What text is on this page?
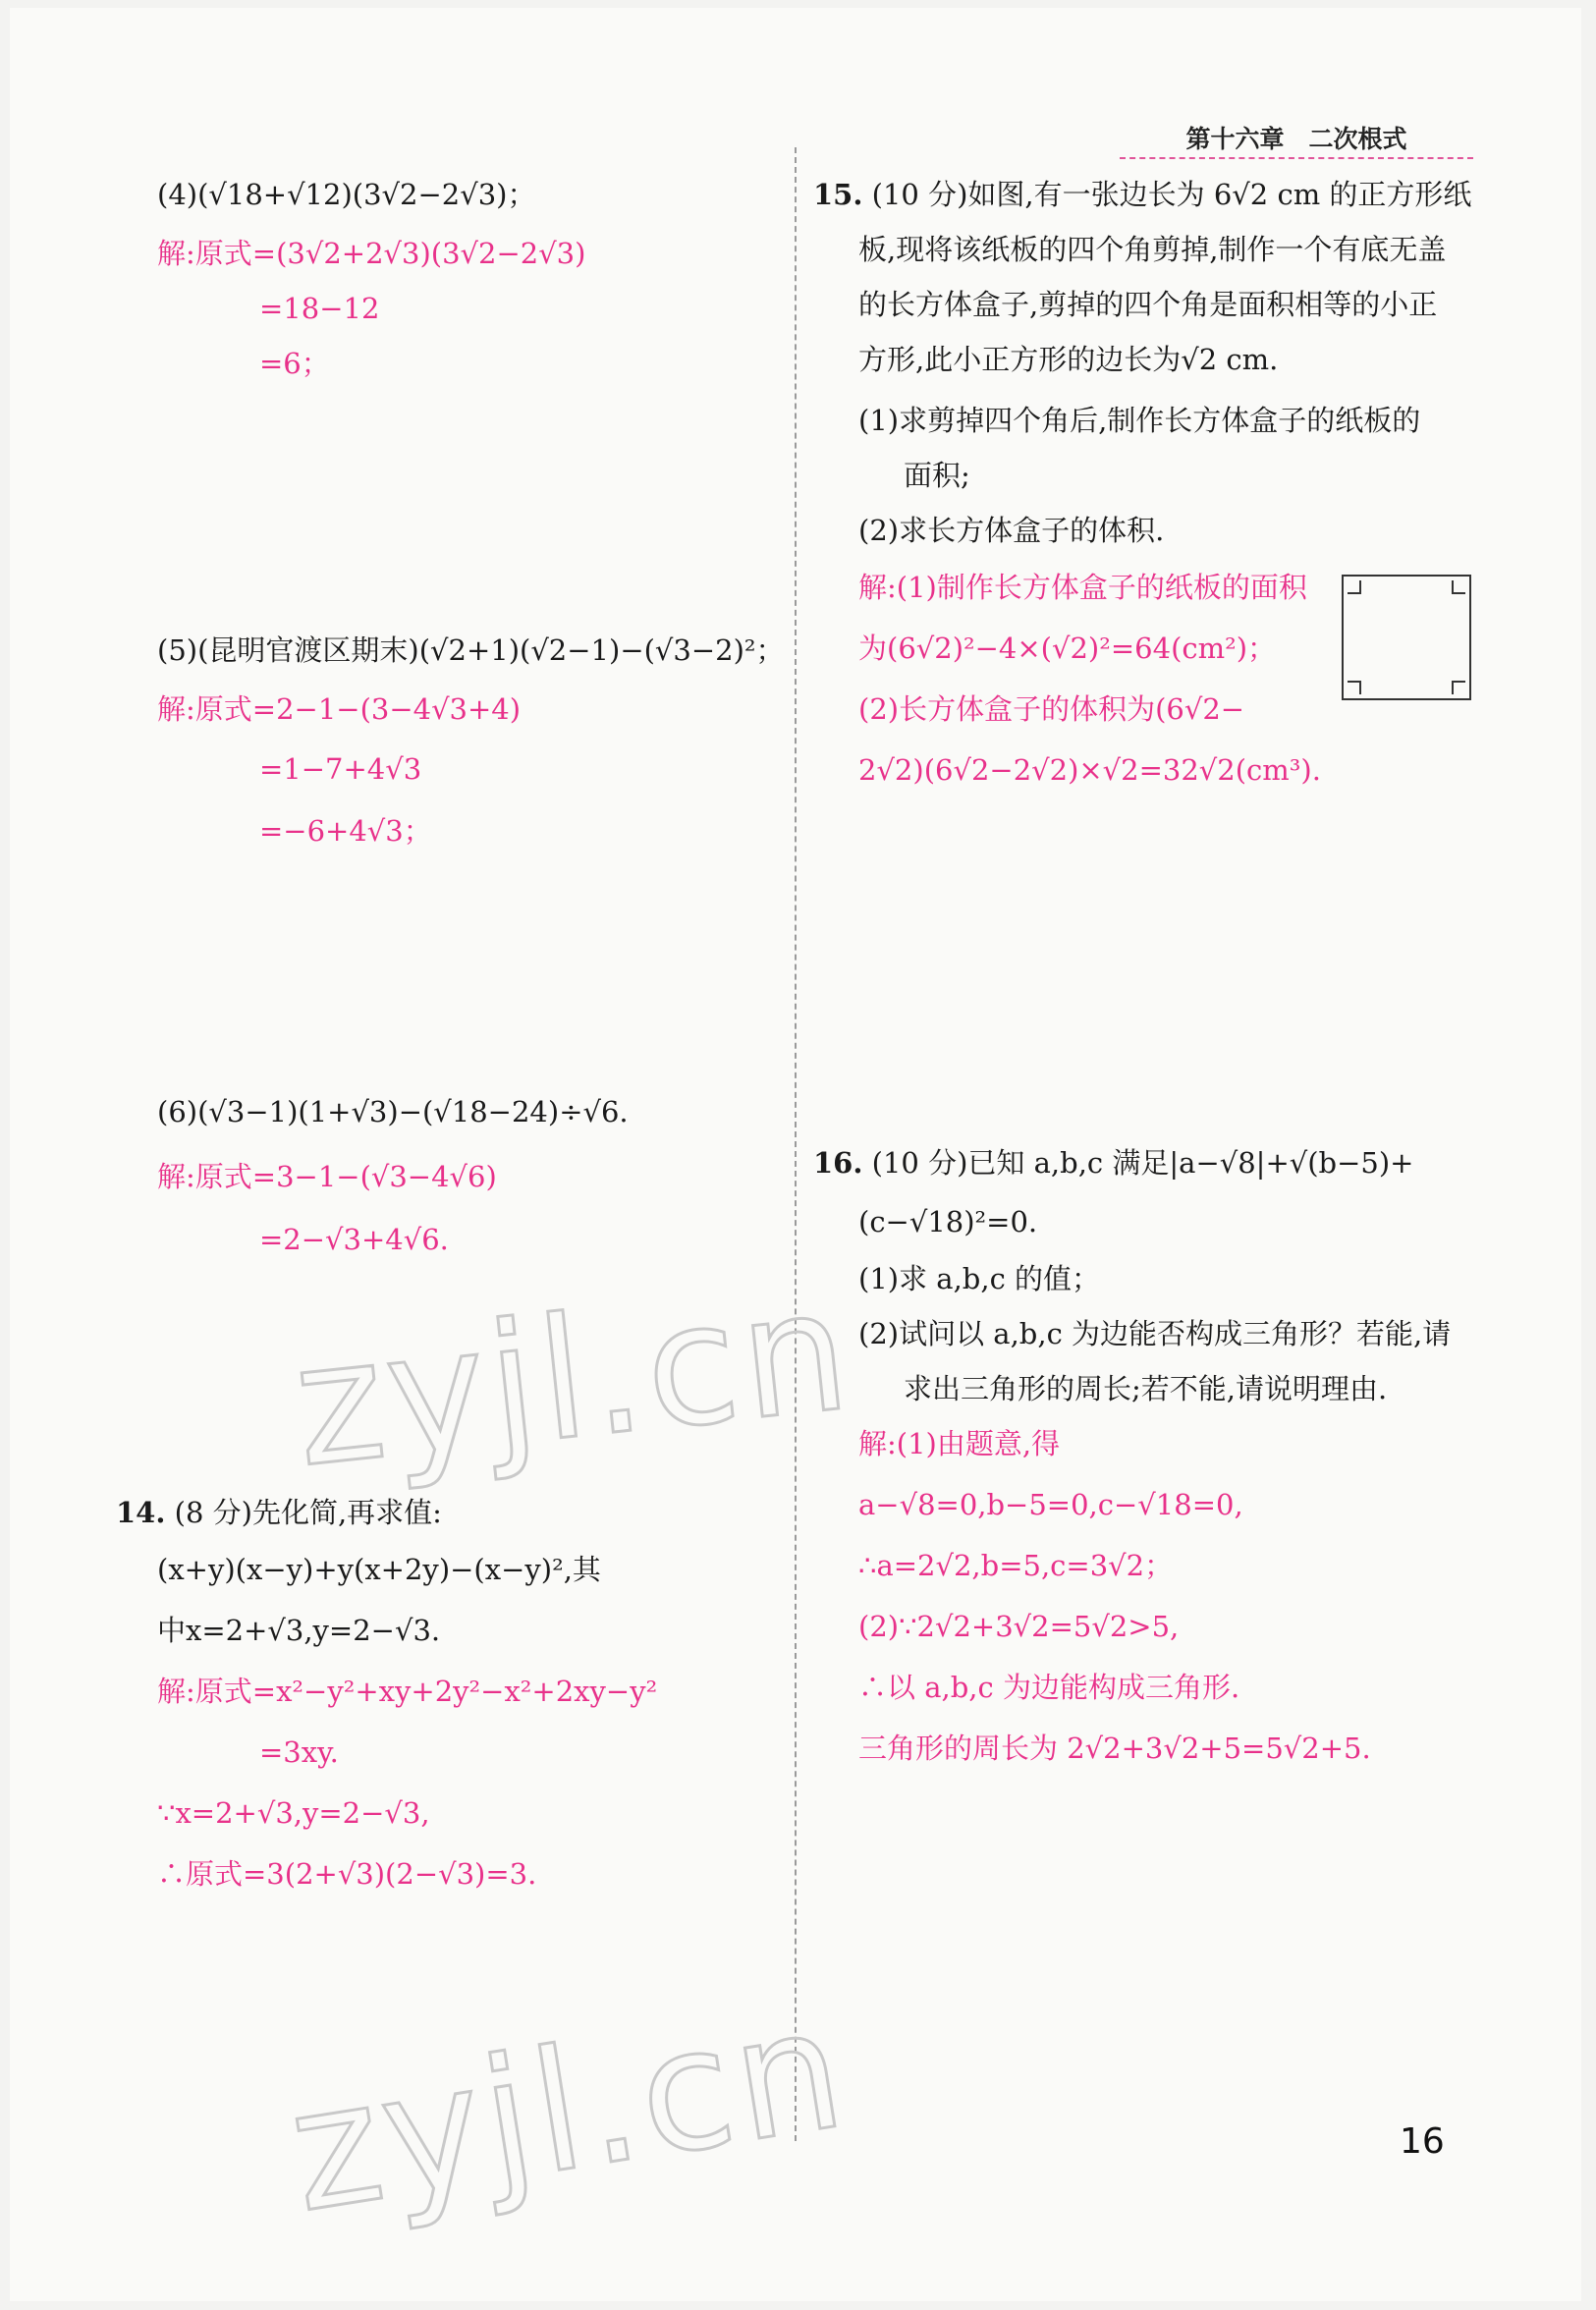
第十六章　二次根式
(4)(√18+√12)(3√2−2√3)；
解:原式=(3√2+2√3)(3√2−2√3)
=18−12
=6；
(5)(昆明官渡区期末)(√2+1)(√2−1)−(√3−2)²；
解:原式=2−1−(3−4√3+4)
=1−7+4√3
=−6+4√3；
(6)(√3−1)(1+√3)−(√18−24)÷√6.
解:原式=3−1−(√3−4√6)
=2−√3+4√6.
14. (8 分)先化简,再求值:
(x+y)(x−y)+y(x+2y)−(x−y)²,其
中x=2+√3,y=2−√3.
解:原式=x²−y²+xy+2y²−x²+2xy−y²
=3xy.
∵x=2+√3,y=2−√3,
∴原式=3(2+√3)(2−√3)=3.
15. (10 分)如图,有一张边长为 6√2 cm 的正方形纸
板,现将该纸板的四个角剪掉,制作一个有底无盖
的长方体盒子,剪掉的四个角是面积相等的小正
方形,此小正方形的边长为√2 cm.
(1)求剪掉四个角后,制作长方体盒子的纸板的
面积;
(2)求长方体盒子的体积.
解:(1)制作长方体盒子的纸板的面积
为(6√2)²−4×(√2)²=64(cm²)；
(2)长方体盒子的体积为(6√2−
2√2)(6√2−2√2)×√2=32√2(cm³).
16. (10 分)已知 a,b,c 满足|a−√8|+√(b−5)+
(c−√18)²=0.
(1)求 a,b,c 的值；
(2)试问以 a,b,c 为边能否构成三角形？若能,请
求出三角形的周长;若不能,请说明理由.
解:(1)由题意,得
a−√8=0,b−5=0,c−√18=0,
∴a=2√2,b=5,c=3√2；
(2)∵2√2+3√2=5√2>5,
∴以 a,b,c 为边能构成三角形.
三角形的周长为 2√2+3√2+5=5√2+5.
zyjl.cn
zyjl.cn	16
